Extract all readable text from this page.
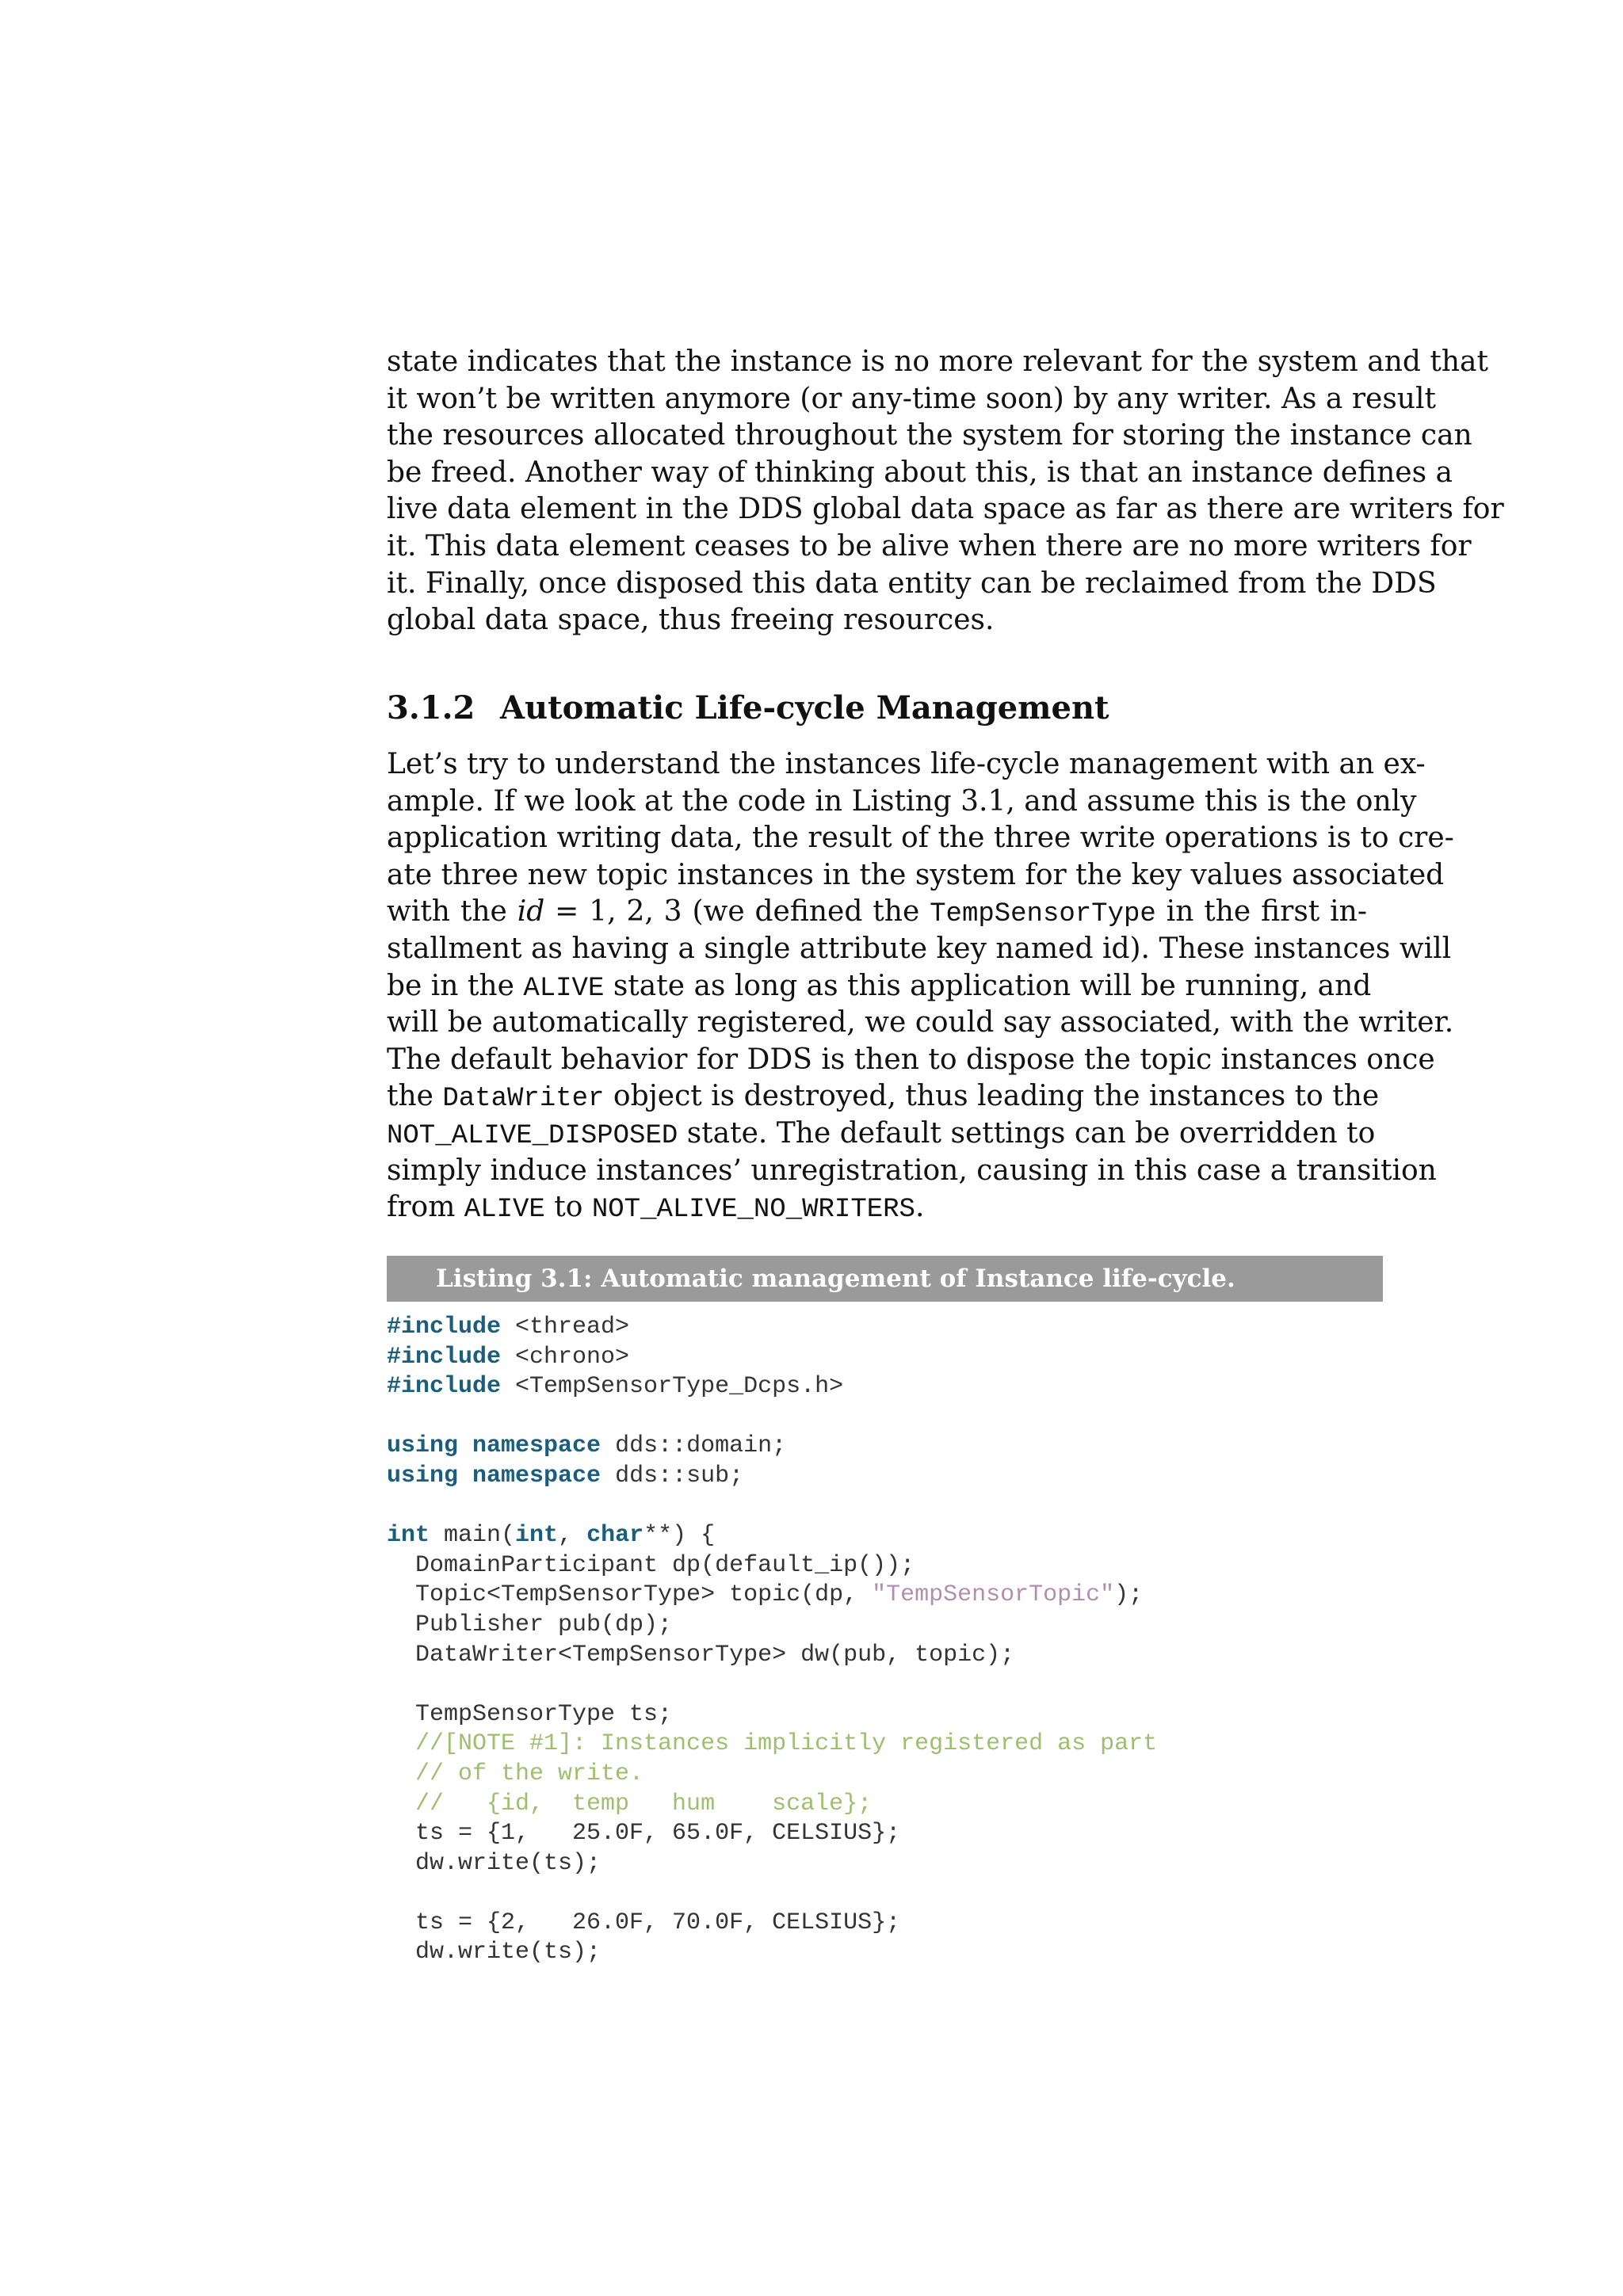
state indicates that the instance is no more relevant for the system and that
it won’t be written anymore (or any-time soon) by any writer. As a result
the resources allocated throughout the system for storing the instance can
be freed. Another way of thinking about this, is that an instance defines a
live data element in the DDS global data space as far as there are writers for
it. This data element ceases to be alive when there are no more writers for
it. Finally, once disposed this data entity can be reclaimed from the DDS
global data space, thus freeing resources.
3.1.2 Automatic Life-cycle Management
Let’s try to understand the instances life-cycle management with an ex-
ample. If we look at the code in Listing 3.1, and assume this is the only
application writing data, the result of the three write operations is to cre-
ate three new topic instances in the system for the key values associated
with the id = 1, 2, 3 (we defined the TempSensorType in the first in-
stallment as having a single attribute key named id). These instances will
be in the ALIVE state as long as this application will be running, and
will be automatically registered, we could say associated, with the writer.
The default behavior for DDS is then to dispose the topic instances once
the DataWriter object is destroyed, thus leading the instances to the
NOT_ALIVE_DISPOSED state. The default settings can be overridden to
simply induce instances’ unregistration, causing in this case a transition
from ALIVE to NOT_ALIVE_NO_WRITERS.
Listing 3.1: Automatic management of Instance life-cycle.
#include <thread>
#include <chrono>
#include <TempSensorType_Dcps.h>

using namespace dds::domain;
using namespace dds::sub;

int main(int, char**) {
DomainParticipant dp(default_ip());
Topic<TempSensorType> topic(dp, "TempSensorTopic");
Publisher pub(dp);
DataWriter<TempSensorType> dw(pub, topic);

TempSensorType ts;
//[NOTE #1]: Instances implicitly registered as part
// of the write.
//   {id,  temp   hum    scale};
ts = {1,   25.0F, 65.0F, CELSIUS};
dw.write(ts);

ts = {2,   26.0F, 70.0F, CELSIUS};
dw.write(ts);
